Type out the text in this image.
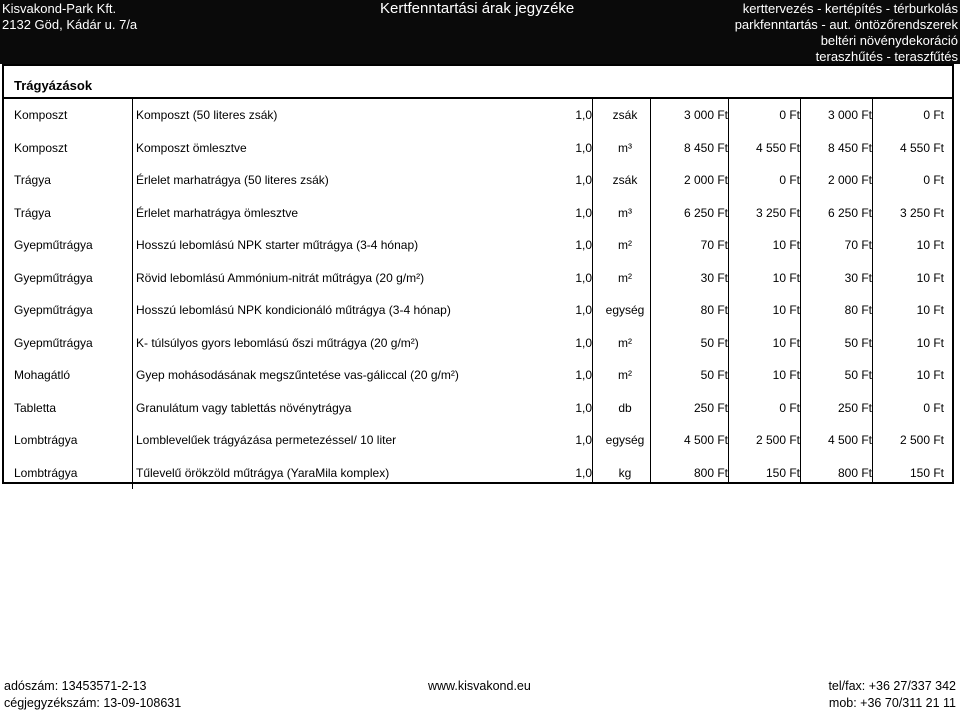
Kisvakond-Park Kft.
2132 Göd, Kádár u. 7/a
Kertfenntartási árak jegyzéke	kerttervezés - kertépítés - térburkolás
parkfenntartás - aut. öntözőrendszerek
beltéri növénydekoráció
teraszhűtés - teraszfűtés
Trágyázások
Komposzt	Komposzt (50 literes zsák)	1,0	zsák	3 000 Ft	0 Ft	3 000 Ft	0 Ft
Komposzt	Komposzt ömlesztve	1,0	m³	8 450 Ft	4 550 Ft	8 450 Ft	4 550 Ft
Trágya	Érlelet marhatrágya (50 literes zsák)	1,0	zsák	2 000 Ft	0 Ft	2 000 Ft	0 Ft
Trágya	Érlelet marhatrágya ömlesztve	1,0	m³	6 250 Ft	3 250 Ft	6 250 Ft	3 250 Ft
Gyepműtrágya	Hosszú lebomlású NPK starter műtrágya (3-4 hónap)	1,0	m²	70 Ft	10 Ft	70 Ft	10 Ft
Gyepműtrágya	Rövid lebomlású Ammónium-nitrát műtrágya (20 g/m²)	1,0	m²	30 Ft	10 Ft	30 Ft	10 Ft
Gyepműtrágya	Hosszú lebomlású NPK kondicionáló műtrágya (3-4 hónap)	1,0	egység	80 Ft	10 Ft	80 Ft	10 Ft
Gyepműtrágya	K- túlsúlyos gyors lebomlású őszi műtrágya (20 g/m²)	1,0	m²	50 Ft	10 Ft	50 Ft	10 Ft
Mohagátló	Gyep mohásodásának megszűntetése vas-gáliccal (20 g/m²)	1,0	m²	50 Ft	10 Ft	50 Ft	10 Ft
Tabletta	Granulátum vagy tablettás növénytrágya	1,0	db	250 Ft	0 Ft	250 Ft	0 Ft
Lombtrágya	Lomblevelűek trágyázása permetezéssel/ 10 liter	1,0	egység	4 500 Ft	2 500 Ft	4 500 Ft	2 500 Ft
Lombtrágya	Tűlevelű örökzöld műtrágya (YaraMila komplex)	1,0	kg	800 Ft	150 Ft	800 Ft	150 Ft
adószám: 13453571-2-13
cégjegyzékszám: 13-09-108631
www.kisvakond.eu	tel/fax: +36 27/337 342
mob: +36 70/311 21 11
